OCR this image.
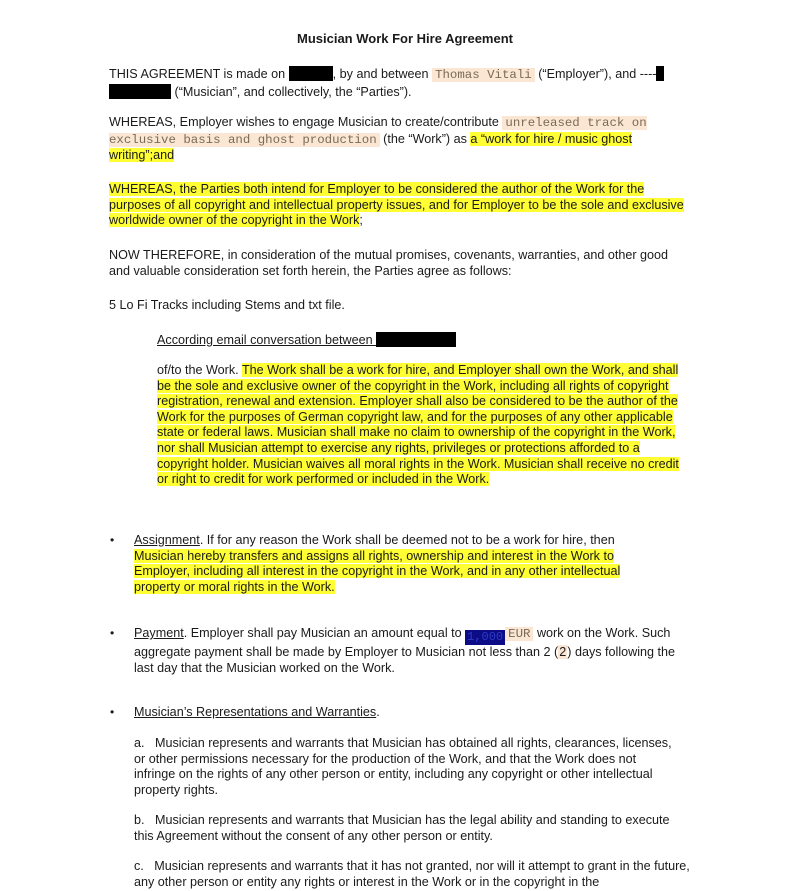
Musician Work For Hire Agreement

THIS AGREEMENT is made on	, by and between Thomas Vitali (“Employer”), and ----
(“Musician”, and collectively, the “Parties”).

WHEREAS, Employer wishes to engage Musician to create/contribute unreleased track on exclusive basis and ghost production (the “Work”) as a “work for hire / music ghost writing”;and

WHEREAS, the Parties both intend for Employer to be considered the author of the Work for the purposes of all copyright and intellectual property issues, and for Employer to be the sole and exclusive worldwide owner of the copyright in the Work;

NOW THEREFORE, in consideration of the mutual promises, covenants, warranties, and other good and valuable consideration set forth herein, the Parties agree as follows:

5 Lo Fi Tracks including Stems and txt file.

According email conversation between

of/to the Work. The Work shall be a work for hire, and Employer shall own the Work, and shall be the sole and exclusive owner of the copyright in the Work, including all rights of copyright registration, renewal and extension. Employer shall also be considered to be the author of the Work for the purposes of German copyright law, and for the purposes of any other applicable state or federal laws. Musician shall make no claim to ownership of the copyright in the Work, nor shall Musician attempt to exercise any rights, privileges or protections afforded to a copyright holder. Musician waives all moral rights in the Work. Musician shall receive no credit or right to credit for work performed or included in the Work.

• Assignment. If for any reason the Work shall be deemed not to be a work for hire, then Musician hereby transfers and assigns all rights, ownership and interest in the Work to Employer, including all interest in the copyright in the Work, and in any other intellectual property or moral rights in the Work.

• Payment. Employer shall pay Musician an amount equal to 1,000 EUR work on the Work. Such aggregate payment shall be made by Employer to Musician not less than 2 (2) days following the last day that the Musician worked on the Work.

• Musician’s Representations and Warranties.

a.   Musician represents and warrants that Musician has obtained all rights, clearances, licenses, or other permissions necessary for the production of the Work, and that the Work does not infringe on the rights of any other person or entity, including any copyright or other intellectual property rights.

b.   Musician represents and warrants that Musician has the legal ability and standing to execute this Agreement without the consent of any other person or entity.

c.   Musician represents and warrants that it has not granted, nor will it attempt to grant in the future, any other person or entity any rights or interest in the Work or in the copyright in the
